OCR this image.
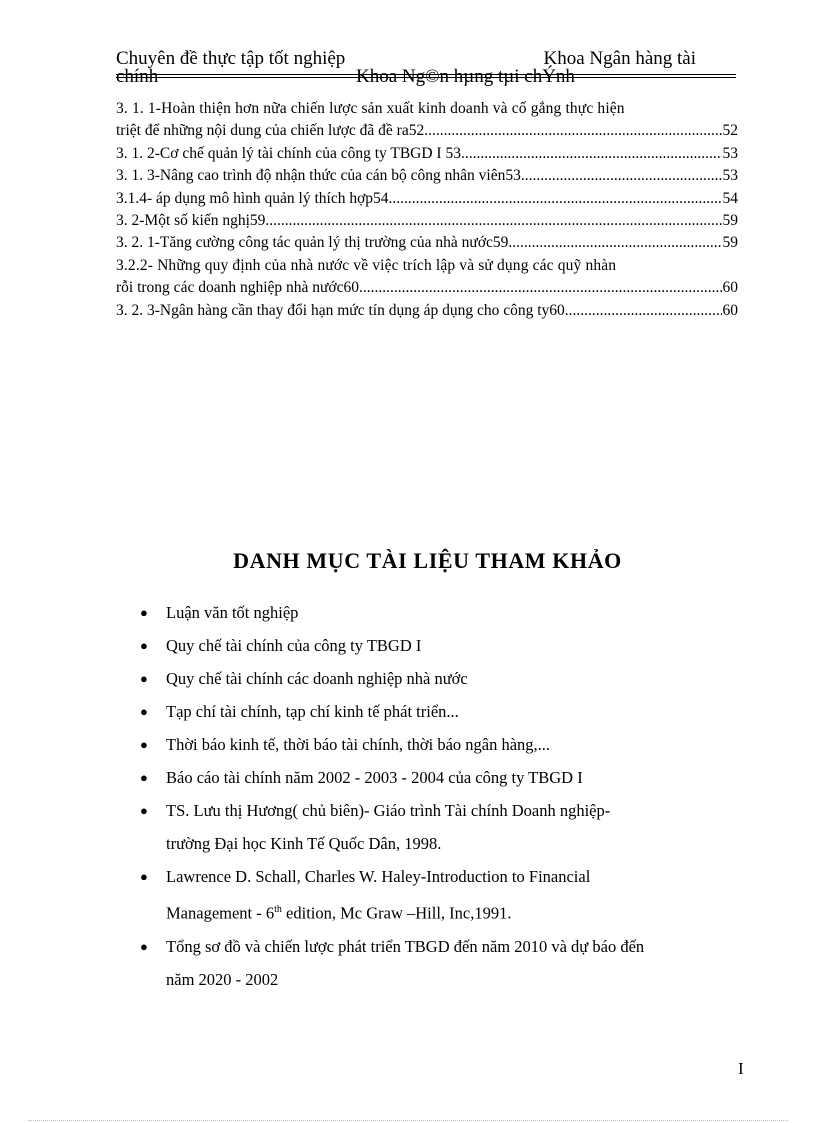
Chuyên đề thực tập tốt nghiệp	Khoa Ngân hàng tài
chính	Khoa Ng©n hµng tµi chÝnh
3. 1. 1-Hoàn thiện hơn nữa chiến lược sản xuất kinh doanh và cố gắng thực hiện
triệt để những nội dung của chiến lược đã đề ra52 .....	52
3. 1. 2-Cơ chế quản lý tài chính của công ty TBGD I 53 .....	53
3. 1. 3-Nâng cao trình độ nhận thức của cán bộ công nhân viên53 .....	53
3.1.4- áp dụng mô hình quản lý thích hợp54 .....	54
3. 2-Một số kiến nghị59 .....	59
3. 2. 1-Tăng cường công tác quản lý thị trường của nhà nước59 .....	59
3.2.2- Những quy định của nhà nước về việc trích lập và sử dụng các quỹ nhàn
rỗi trong các doanh nghiệp nhà nước60 .....	60
3. 2. 3-Ngân hàng cần thay đổi hạn mức tín dụng áp dụng cho công ty60 .....	60
DANH MỤC TÀI LIỆU THAM KHẢO
● Luận văn tốt nghiệp
● Quy chế tài chính của công ty TBGD I
● Quy chế tài chính các doanh nghiệp nhà nước
● Tạp chí tài chính, tạp chí kinh tế phát triển...
● Thời báo kinh tế, thời báo tài chính, thời báo ngân hàng,...
● Báo cáo tài chính năm 2002 - 2003 - 2004 của công ty TBGD I
● TS. Lưu thị Hương( chủ biên)- Giáo trình Tài chính Doanh nghiệp-
trường Đại học Kinh Tế Quốc Dân, 1998.
● Lawrence D. Schall, Charles W. Haley-Introduction to Financial
Management - 6th edition, Mc Graw –Hill, Inc,1991.
● Tổng sơ đồ và chiến lược phát triển TBGD đến năm 2010 và dự báo đến
năm 2020 - 2002
I
